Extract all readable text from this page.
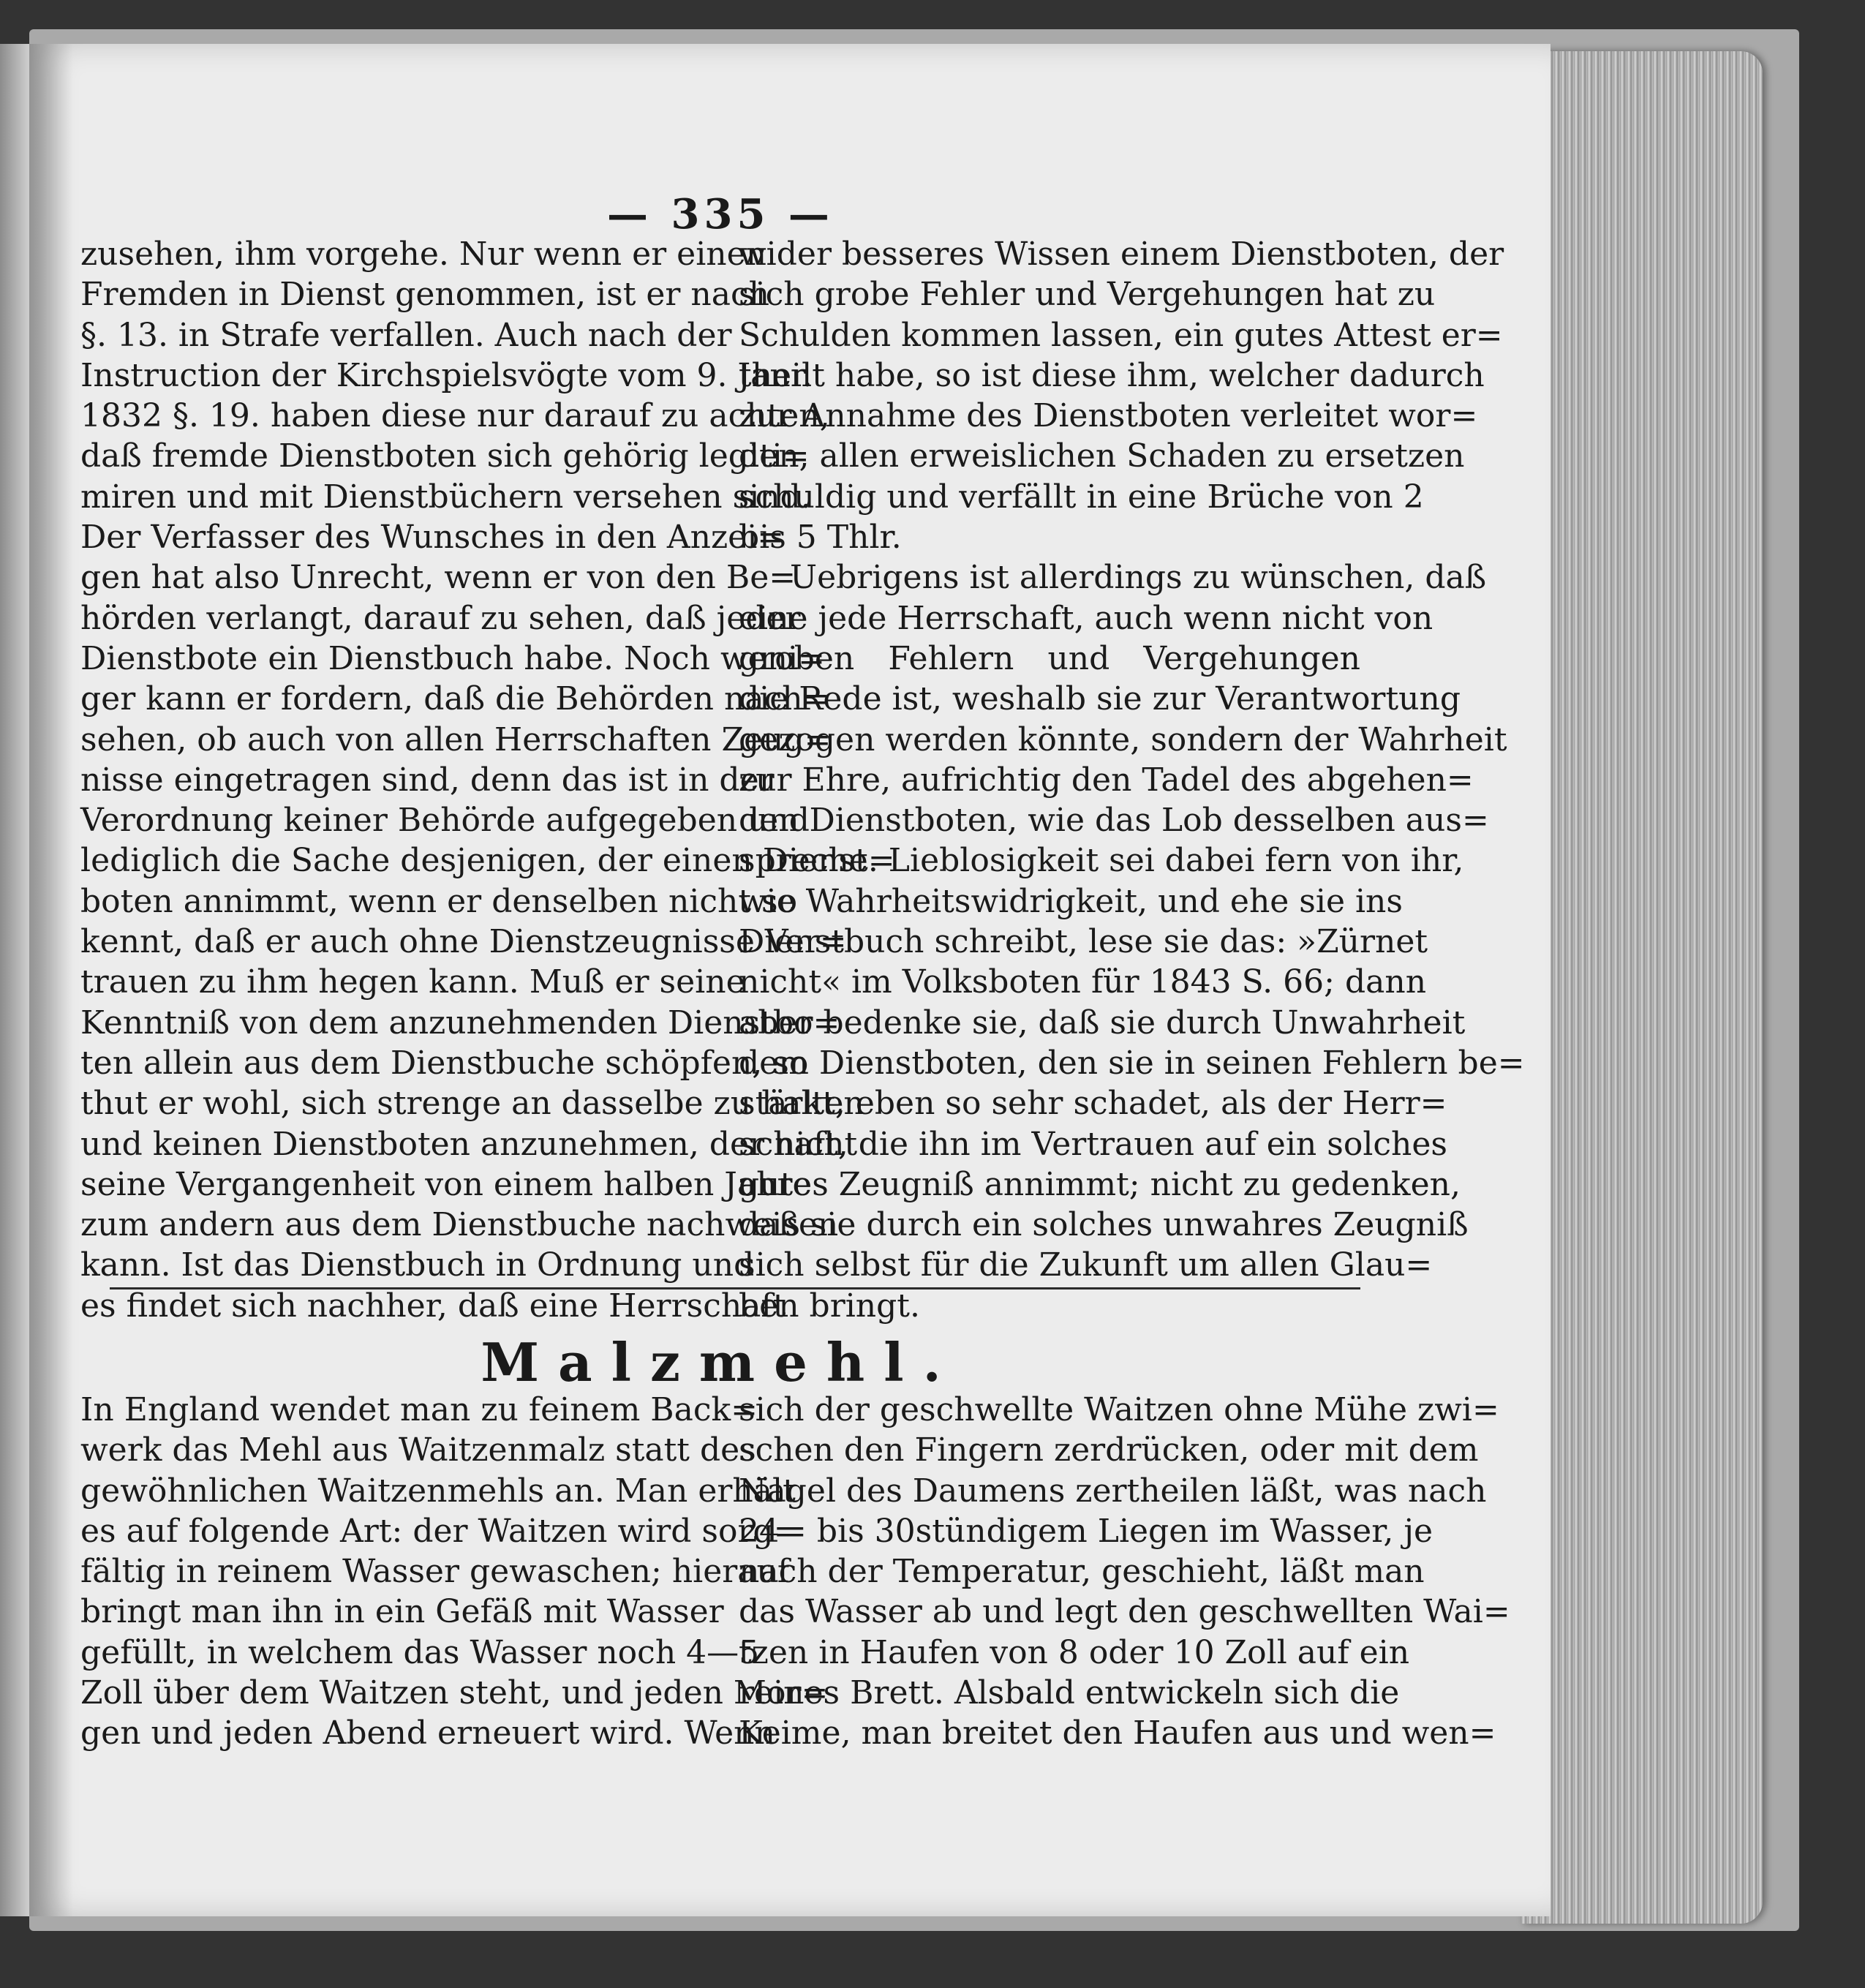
— 335 —
zusehen, ihm vorgehe. Nur wenn er einen
Fremden in Dienst genommen, ist er nach
§. 13. in Strafe verfallen. Auch nach der
Instruction der Kirchspielsvögte vom 9. Janr.
1832 §. 19. haben diese nur darauf zu achten,
daß fremde Dienstboten sich gehörig legiti=
miren und mit Dienstbüchern versehen sind.
Der Verfasser des Wunsches in den Anzei=
gen hat also Unrecht, wenn er von den Be=
hörden verlangt, darauf zu sehen, daß jeder
Dienstbote ein Dienstbuch habe. Noch weni=
ger kann er fordern, daß die Behörden nach=
sehen, ob auch von allen Herrschaften Zeug=
nisse eingetragen sind, denn das ist in der
Verordnung keiner Behörde aufgegeben und
lediglich die Sache desjenigen, der einen Dienst=
boten annimmt, wenn er denselben nicht so
kennt, daß er auch ohne Dienstzeugnisse Ver=
trauen zu ihm hegen kann. Muß er seine
Kenntniß von dem anzunehmenden Dienstbo=
ten allein aus dem Dienstbuche schöpfen, so
thut er wohl, sich strenge an dasselbe zu halten
und keinen Dienstboten anzunehmen, der nicht
seine Vergangenheit von einem halben Jahre
zum andern aus dem Dienstbuche nachweisen
kann. Ist das Dienstbuch in Ordnung und
es findet sich nachher, daß eine Herrschaft
wider besseres Wissen einem Dienstboten, der
sich grobe Fehler und Vergehungen hat zu
Schulden kommen lassen, ein gutes Attest er=
theilt habe, so ist diese ihm, welcher dadurch
zur Annahme des Dienstboten verleitet wor=
den, allen erweislichen Schaden zu ersetzen
schuldig und verfällt in eine Brüche von 2
bis 5 Thlr.
Uebrigens ist allerdings zu wünschen, daß
eine jede Herrschaft, auch wenn nicht von
groben Fehlern und Vergehungen
die Rede ist, weshalb sie zur Verantwortung
gezogen werden könnte, sondern der Wahrheit
zur Ehre, aufrichtig den Tadel des abgehen=
den Dienstboten, wie das Lob desselben aus=
spreche. Lieblosigkeit sei dabei fern von ihr,
wie Wahrheitswidrigkeit, und ehe sie ins
Dienstbuch schreibt, lese sie das: »Zürnet
nicht« im Volksboten für 1843 S. 66; dann
aber bedenke sie, daß sie durch Unwahrheit
dem Dienstboten, den sie in seinen Fehlern be=
stärkt, eben so sehr schadet, als der Herr=
schaft, die ihn im Vertrauen auf ein solches
gutes Zeugniß annimmt; nicht zu gedenken,
daß sie durch ein solches unwahres Zeugniß
sich selbst für die Zukunft um allen Glau=
ben bringt.
Malzmehl.
In England wendet man zu feinem Back=
werk das Mehl aus Waitzenmalz statt des
gewöhnlichen Waitzenmehls an. Man erhält
es auf folgende Art: der Waitzen wird sorg=
fältig in reinem Wasser gewaschen; hierauf
bringt man ihn in ein Gefäß mit Wasser
gefüllt, in welchem das Wasser noch 4—5
Zoll über dem Waitzen steht, und jeden Mor=
gen und jeden Abend erneuert wird. Wenn
sich der geschwellte Waitzen ohne Mühe zwi=
schen den Fingern zerdrücken, oder mit dem
Nagel des Daumens zertheilen läßt, was nach
24= bis 30stündigem Liegen im Wasser, je
nach der Temperatur, geschieht, läßt man
das Wasser ab und legt den geschwellten Wai=
tzen in Haufen von 8 oder 10 Zoll auf ein
reines Brett. Alsbald entwickeln sich die
Keime, man breitet den Haufen aus und wen=
